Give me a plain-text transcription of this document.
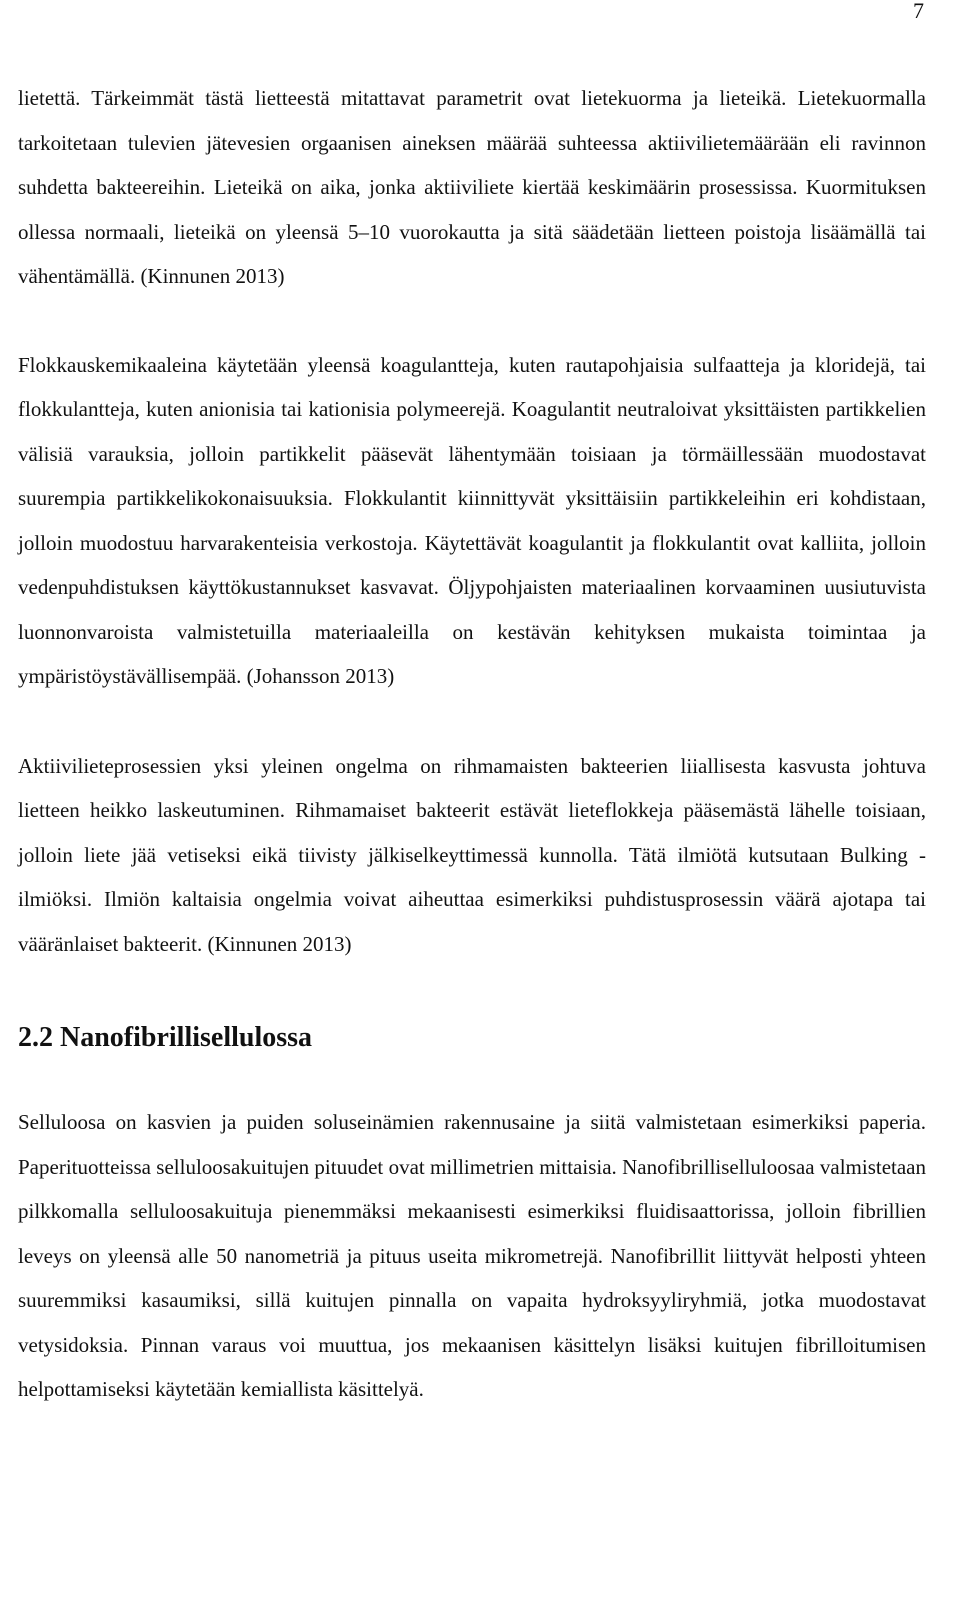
7

lietettä. Tärkeimmät tästä lietteestä mitattavat parametrit ovat lietekuorma ja lieteikä. Lietekuormalla tarkoitetaan tulevien jätevesien orgaanisen aineksen määrää suhteessa aktiivilietemäärään eli ravinnon suhdetta bakteereihin. Lieteikä on aika, jonka aktiiviliete kiertää keskimäärin prosessissa. Kuormituksen ollessa normaali, lieteikä on yleensä 5–10 vuorokautta ja sitä säädetään lietteen poistoja lisäämällä tai vähentämällä. (Kinnunen 2013)

Flokkauskemikaaleina käytetään yleensä koagulantteja, kuten rautapohjaisia sulfaatteja ja kloridejä, tai flokkulantteja, kuten anionisia tai kationisia polymeerejä. Koagulantit neutraloivat yksittäisten partikkelien välisiä varauksia, jolloin partikkelit pääsevät lähentymään toisiaan ja törmäillessään muodostavat suurempia partikkelikokonaisuuksia. Flokkulantit kiinnittyvät yksittäisiin partikkeleihin eri kohdistaan, jolloin muodostuu harvarakenteisia verkostoja. Käytettävät koagulantit ja flokkulantit ovat kalliita, jolloin vedenpuhdistuksen käyttökustannukset kasvavat. Öljypohjaisten materiaalinen korvaaminen uusiutuvista luonnonvaroista valmistetuilla materiaaleilla on kestävän kehityksen mukaista toimintaa ja ympäristöystävällisempää. (Johansson 2013)

Aktiivilieteprosessien yksi yleinen ongelma on rihmamaisten bakteerien liiallisesta kasvusta johtuva lietteen heikko laskeutuminen. Rihmamaiset bakteerit estävät lieteflokkeja pääsemästä lähelle toisiaan, jolloin liete jää vetiseksi eikä tiivisty jälkiselkeyttimessä kunnolla. Tätä ilmiötä kutsutaan Bulking -ilmiöksi. Ilmiön kaltaisia ongelmia voivat aiheuttaa esimerkiksi puhdistusprosessin väärä ajotapa tai vääränlaiset bakteerit. (Kinnunen 2013)

2.2 Nanofibrillisellulossa

Selluloosa on kasvien ja puiden soluseinämien rakennusaine ja siitä valmistetaan esimerkiksi paperia. Paperituotteissa selluloosakuitujen pituudet ovat millimetrien mittaisia. Nanofibrilliselluloosaa valmistetaan pilkkomalla selluloosakuituja pienemmäksi mekaanisesti esimerkiksi fluidisaattorissa, jolloin fibrillien leveys on yleensä alle 50 nanometriä ja pituus useita mikrometrejä. Nanofibrillit liittyvät helposti yhteen suuremmiksi kasaumiksi, sillä kuitujen pinnalla on vapaita hydroksyyliryhmiä, jotka muodostavat vetysidoksia. Pinnan varaus voi muuttua, jos mekaanisen käsittelyn lisäksi kuitujen fibrilloitumisen helpottamiseksi käytetään kemiallista käsittelyä.
